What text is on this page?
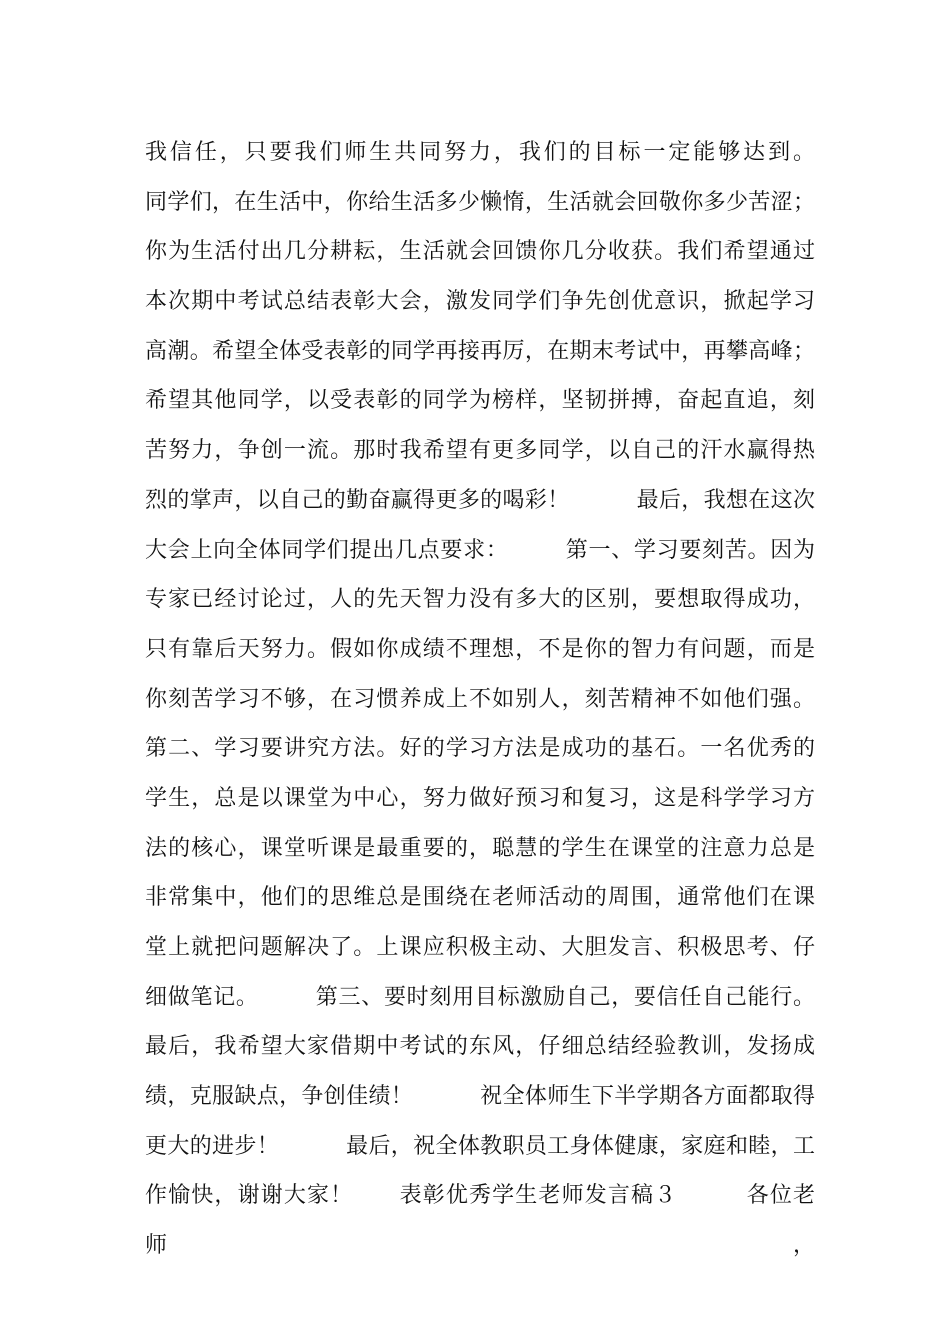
我信任，只要我们师生共同努力，我们的目标一定能够达到。
同学们，在生活中，你给生活多少懒惰，生活就会回敬你多少苦涩；
你为生活付出几分耕耘，生活就会回馈你几分收获。我们希望通过
本次期中考试总结表彰大会，激发同学们争先创优意识，掀起学习
高潮。希望全体受表彰的同学再接再厉，在期末考试中，再攀高峰；
希望其他同学，以受表彰的同学为榜样，坚韧拼搏，奋起直追，刻
苦努力，争创一流。那时我希望有更多同学，以自己的汗水赢得热
烈的掌声，以自己的勤奋赢得更多的喝彩！　　　最后，我想在这次
大会上向全体同学们提出几点要求：　　　第一、学习要刻苦。因为
专家已经讨论过，人的先天智力没有多大的区别，要想取得成功，
只有靠后天努力。假如你成绩不理想，不是你的智力有问题，而是
你刻苦学习不够，在习惯养成上不如别人，刻苦精神不如他们强。
第二、学习要讲究方法。好的学习方法是成功的基石。一名优秀的
学生，总是以课堂为中心，努力做好预习和复习，这是科学学习方
法的核心，课堂听课是最重要的，聪慧的学生在课堂的注意力总是
非常集中，他们的思维总是围绕在老师活动的周围，通常他们在课
堂上就把问题解决了。上课应积极主动、大胆发言、积极思考、仔
细做笔记。　　　第三、要时刻用目标激励自己，要信任自己能行。
最后，我希望大家借期中考试的东风，仔细总结经验教训，发扬成
绩，克服缺点，争创佳绩！　　　祝全体师生下半学期各方面都取得
更大的进步！　　　最后，祝全体教职员工身体健康，家庭和睦，工
作愉快，谢谢大家！　　表彰优秀学生老师发言稿３　　　各位老师，
